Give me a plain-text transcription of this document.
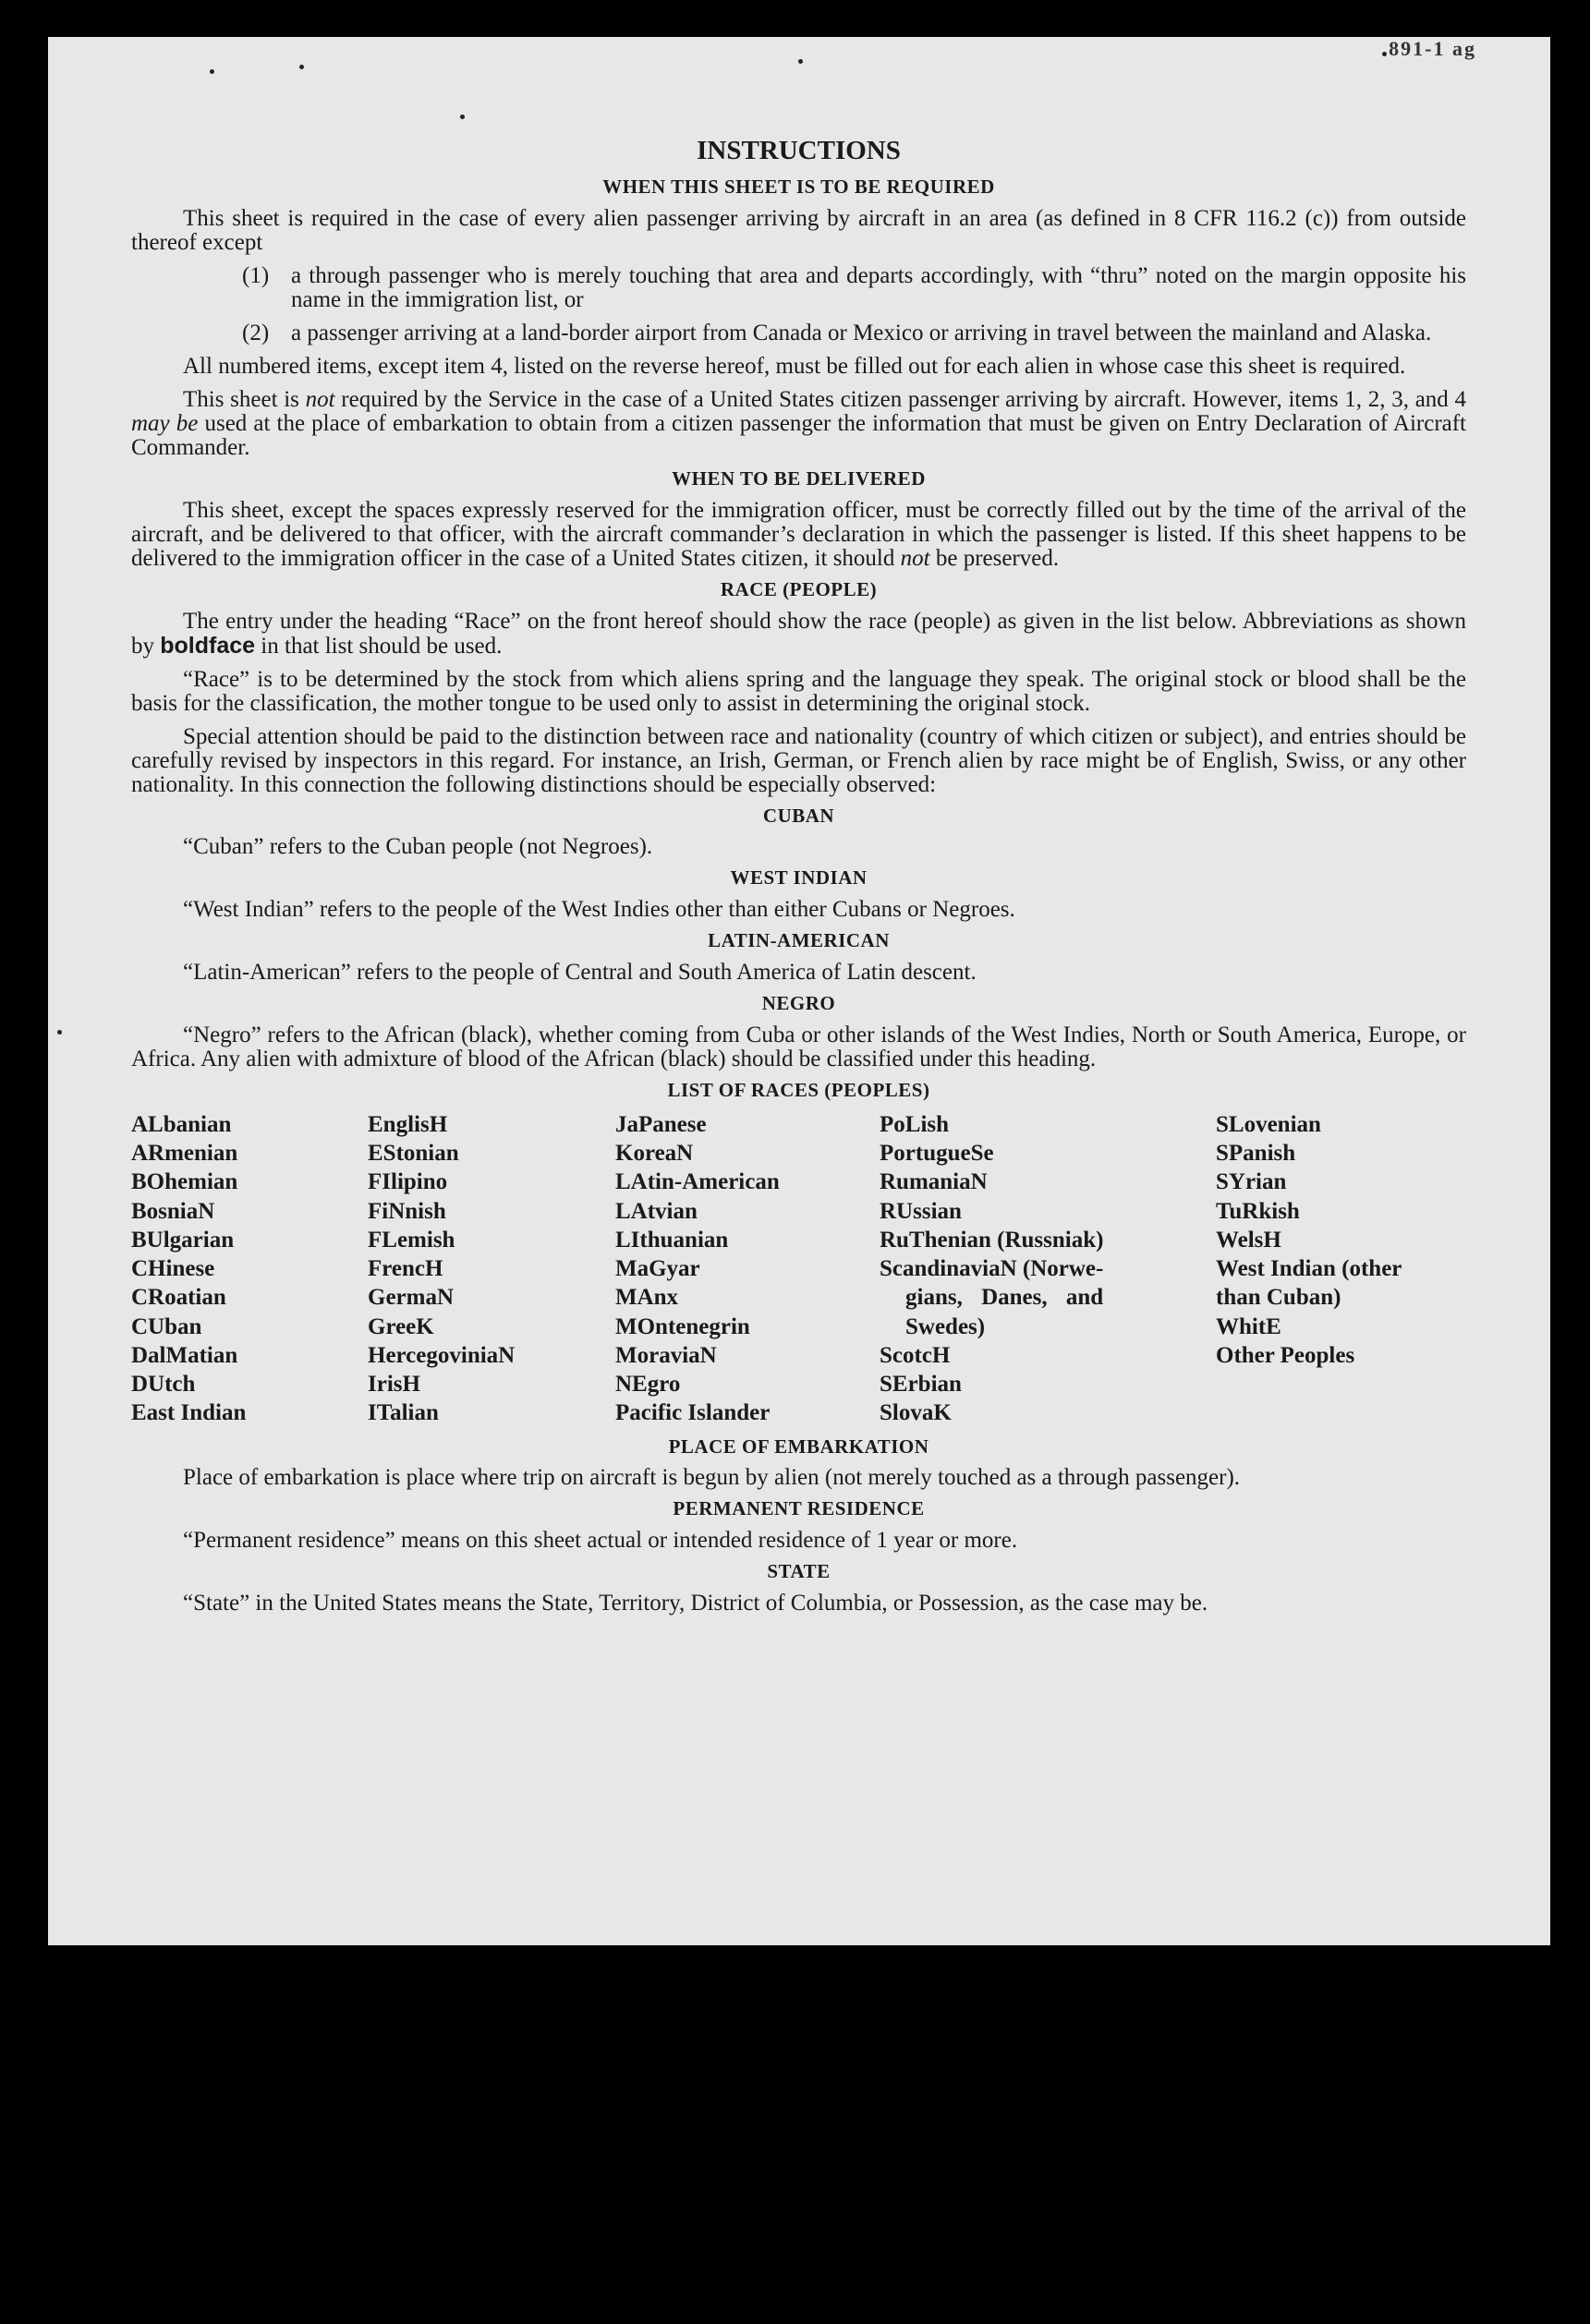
891-1 ag
INSTRUCTIONS
WHEN THIS SHEET IS TO BE REQUIRED

This sheet is required in the case of every alien passenger arriving by aircraft in an area (as defined in 8 CFR 116.2 (c)) from outside thereof except

(1) a through passenger who is merely touching that area and departs accordingly, with “thru” noted on the margin opposite his name in the immigration list, or
(2) a passenger arriving at a land-border airport from Canada or Mexico or arriving in travel between the mainland and Alaska.

All numbered items, except item 4, listed on the reverse hereof, must be filled out for each alien in whose case this sheet is required.

This sheet is not required by the Service in the case of a United States citizen passenger arriving by aircraft. However, items 1, 2, 3, and 4 may be used at the place of embarkation to obtain from a citizen passenger the information that must be given on Entry Declaration of Aircraft Commander.

WHEN TO BE DELIVERED

This sheet, except the spaces expressly reserved for the immigration officer, must be correctly filled out by the time of the arrival of the aircraft, and be delivered to that officer, with the aircraft commander’s declaration in which the passenger is listed. If this sheet happens to be delivered to the immigration officer in the case of a United States citizen, it should not be preserved.

RACE (PEOPLE)

The entry under the heading “Race” on the front hereof should show the race (people) as given in the list below. Abbreviations as shown by boldface in that list should be used.

“Race” is to be determined by the stock from which aliens spring and the language they speak. The original stock or blood shall be the basis for the classification, the mother tongue to be used only to assist in determining the original stock.

Special attention should be paid to the distinction between race and nationality (country of which citizen or subject), and entries should be carefully revised by inspectors in this regard. For instance, an Irish, German, or French alien by race might be of English, Swiss, or any other nationality. In this connection the following distinctions should be especially observed:

CUBAN
“Cuban” refers to the Cuban people (not Negroes).
WEST INDIAN
“West Indian” refers to the people of the West Indies other than either Cubans or Negroes.
LATIN-AMERICAN
“Latin-American” refers to the people of Central and South America of Latin descent.
NEGRO

“Negro” refers to the African (black), whether coming from Cuba or other islands of the West Indies, North or South America, Europe, or Africa. Any alien with admixture of blood of the African (black) should be classified under this heading.

LIST OF RACES (PEOPLES)
ALbanian
ARmenian
BOhemian
BosniaN
BUlgarian
CHinese
CRoatian
CUban
DalMatian
DUtch
East Indian
EnglisH
EStonian
FIlipino
FiNnish
FLemish
FrencH
GermaN
GreeK
HercegoviniaN
IrisH
ITalian
JaPanese
KoreaN
LAtin-American
LAtvian
LIthuanian
MaGyar
MAnx
MOntenegrin
MoraviaN
NEgro
Pacific Islander
PoLish
PortugueSe
RumaniaN
RUssian
RuThenian (Russniak)
ScandinaviaN (Norwe-
gians, Danes, and
Swedes)
ScotcH
SErbian
SlovaK
SLovenian
SPanish
SYrian
TuRkish
WelsH
West Indian (other
than Cuban)
WhitE
Other Peoples
PLACE OF EMBARKATION

Place of embarkation is place where trip on aircraft is begun by alien (not merely touched as a through passenger).

PERMANENT RESIDENCE
“Permanent residence” means on this sheet actual or intended residence of 1 year or more.
STATE

“State” in the United States means the State, Territory, District of Columbia, or Possession, as the case may be.
